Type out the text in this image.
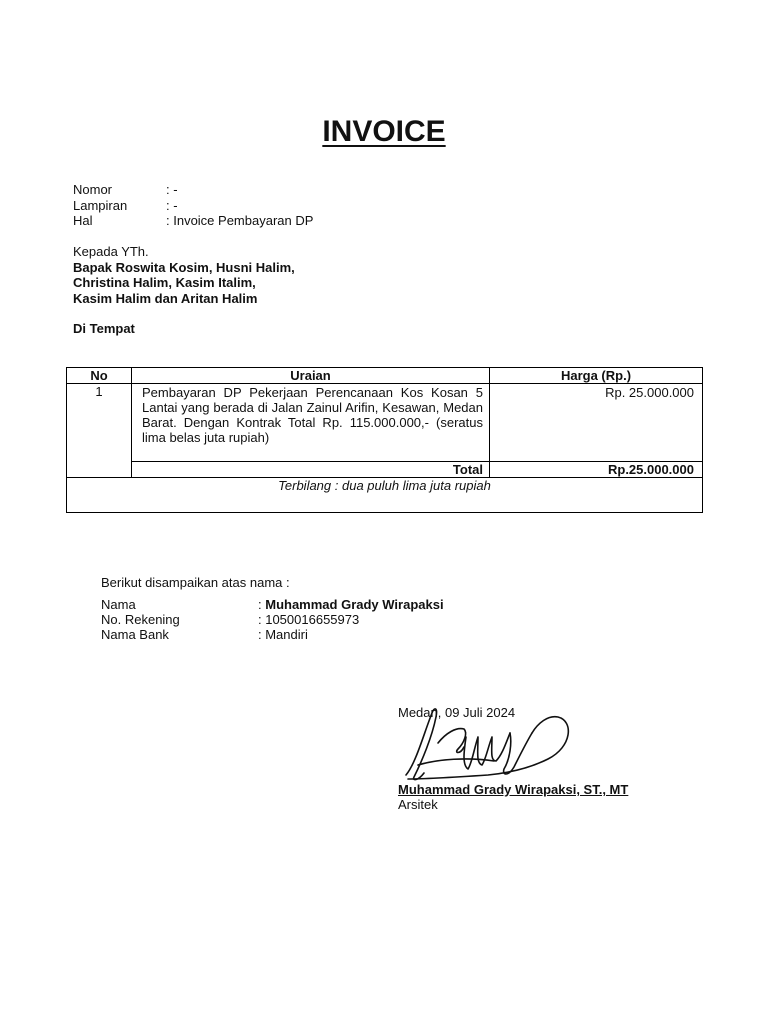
INVOICE
Nomor	: -
Lampiran	: -
Hal	: Invoice Pembayaran DP
Kepada YTh.
Bapak Roswita Kosim, Husni Halim,
Christina Halim, Kasim Italim,
Kasim Halim dan Aritan Halim
Di Tempat
No	Uraian	Harga (Rp.)
1	Pembayaran DP Pekerjaan Perencanaan Kos Kosan 5 Lantai yang berada di Jalan Zainul Arifin, Kesawan, Medan Barat. Dengan Kontrak Total Rp. 115.000.000,- (seratus lima belas juta rupiah)	Rp. 25.000.000

	Total	Rp.25.000.000
Terbilang : dua puluh lima juta rupiah		
Berikut disampaikan atas nama :
Nama	: Muhammad Grady Wirapaksi
No. Rekening	: 1050016655973
Nama Bank	: Mandiri
Medan, 09 Juli 2024
Muhammad Grady Wirapaksi, ST., MT
Arsitek
